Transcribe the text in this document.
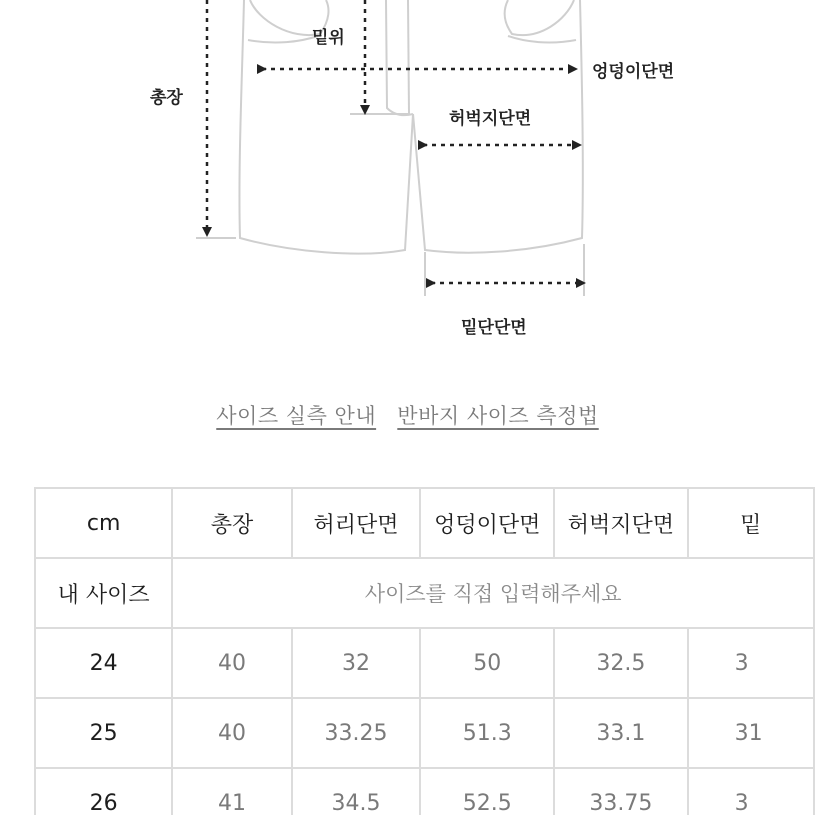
총장
밑위
엉덩이단면
허벅지단면
밑단단면
사이즈 실측 안내 반바지 사이즈 측정법
cm	총장	허리단면	엉덩이단면	허벅지단면	밑
내 사이즈	사이즈를 직접 입력해주세요				
24	40	32	50	32.5	3
25	40	33.25	51.3	33.1	31
26	41	34.5	52.5	33.75	3
